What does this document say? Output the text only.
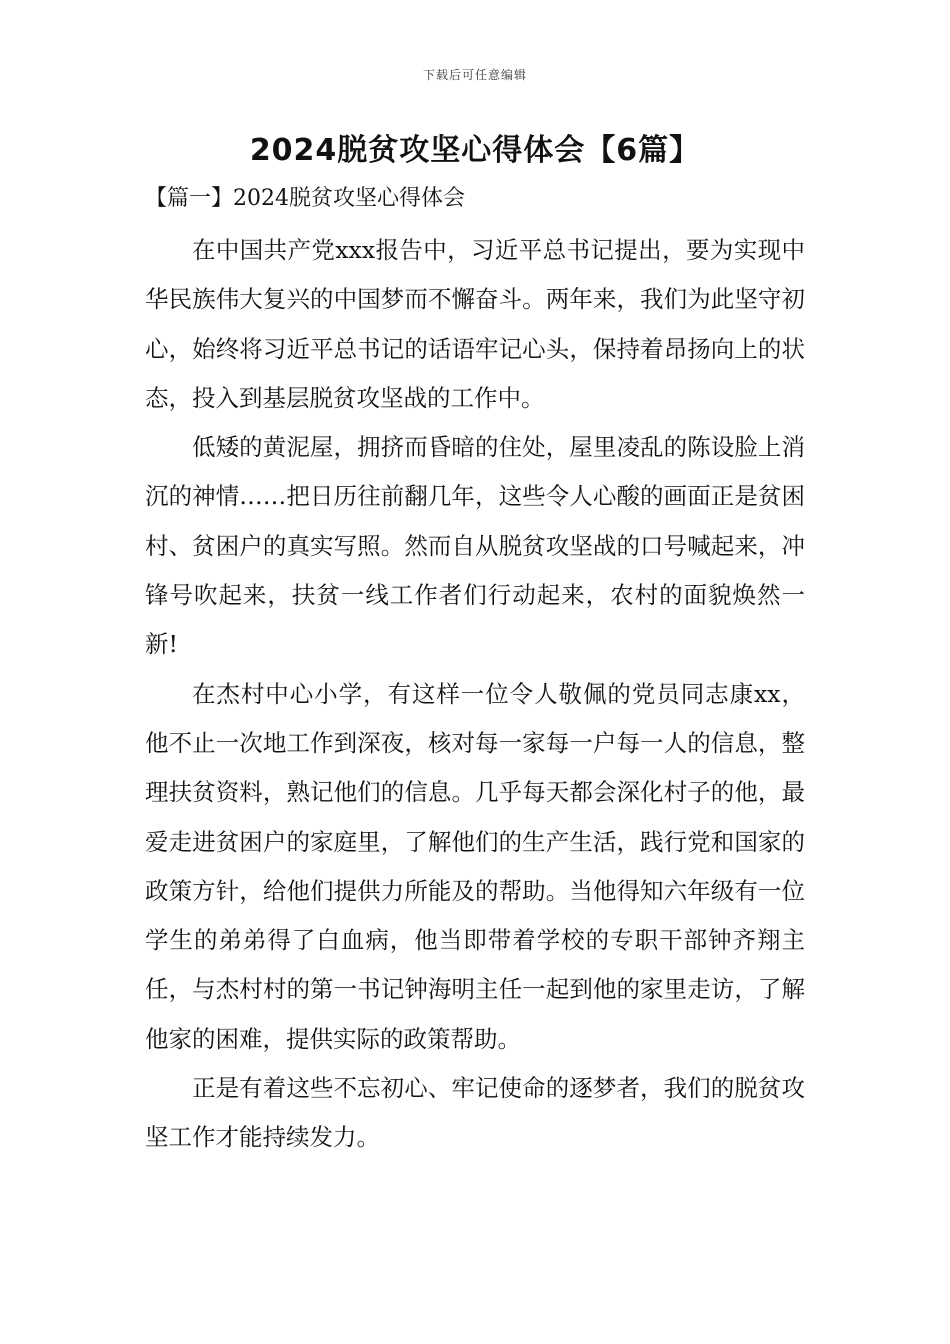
下载后可任意编辑
2024脱贫攻坚心得体会【6篇】
【篇一】2024脱贫攻坚心得体会

在中国共产党xxx报告中，习近平总书记提出，要为实现中华民族伟大复兴的中国梦而不懈奋斗。两年来，我们为此坚守初心，始终将习近平总书记的话语牢记心头，保持着昂扬向上的状态，投入到基层脱贫攻坚战的工作中。

低矮的黄泥屋，拥挤而昏暗的住处，屋里凌乱的陈设脸上消沉的神情……把日历往前翻几年，这些令人心酸的画面正是贫困村、贫困户的真实写照。然而自从脱贫攻坚战的口号喊起来，冲锋号吹起来，扶贫一线工作者们行动起来，农村的面貌焕然一新!

在杰村中心小学，有这样一位令人敬佩的党员同志康xx，他不止一次地工作到深夜，核对每一家每一户每一人的信息，整理扶贫资料，熟记他们的信息。几乎每天都会深化村子的他，最爱走进贫困户的家庭里，了解他们的生产生活，践行党和国家的政策方针，给他们提供力所能及的帮助。当他得知六年级有一位学生的弟弟得了白血病，他当即带着学校的专职干部钟齐翔主任，与杰村村的第一书记钟海明主任一起到他的家里走访，了解他家的困难，提供实际的政策帮助。

正是有着这些不忘初心、牢记使命的逐梦者，我们的脱贫攻坚工作才能持续发力。
